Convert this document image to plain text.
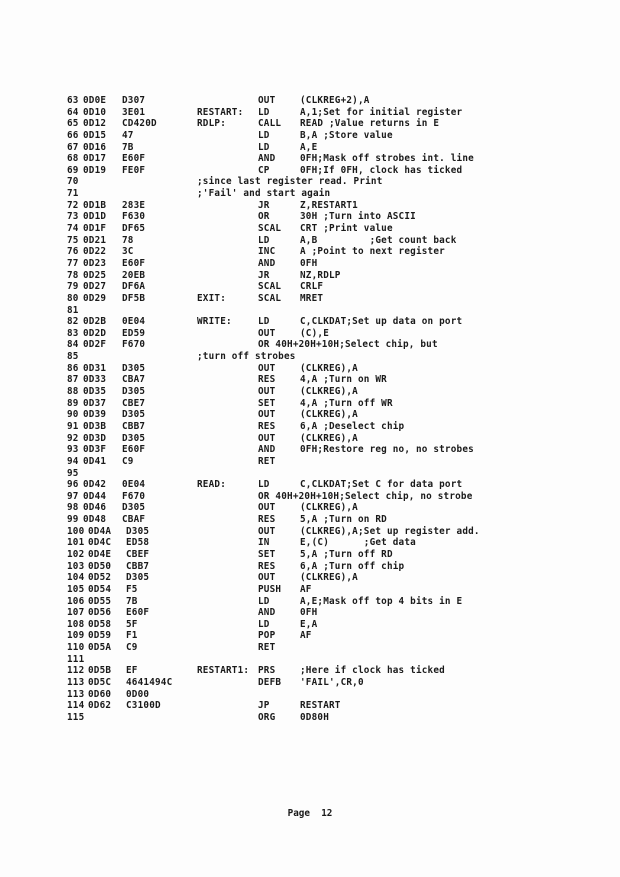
63 0D0E D307	OUT	(CLKREG+2),A
64 0D10 3E01	RESTART: LD	A,1;Set for initial register
65 0D12 CD420D	RDLP:	CALL READ ;Value returns in E
66 0D15 47	LD	B,A ;Store value
67 0D16 7B	LD	A,E
68 0D17 E60F	AND	0FH;Mask off strobes int. line
69 0D19 FE0F	CP	0FH;If 0FH, clock has ticked
70	;since last register read. Print
71	;'Fail' and start again
72 0D1B 283E	JR	Z,RESTART1
73 0D1D F630	OR	30H ;Turn into ASCII
74 0D1F DF65	SCAL CRT ;Print value
75 0D21 78	LD	A,B         ;Get count back
76 0D22 3C	INC	A ;Point to next register
77 0D23 E60F	AND	0FH
78 0D25 20EB	JR	NZ,RDLP
79 0D27 DF6A	SCAL CRLF
80 0D29 DF5B	EXIT:	SCAL MRET
81
82 0D2B 0E04	WRITE:	LD	C,CLKDAT;Set up data on port
83 0D2D ED59	OUT	(C),E
84 0D2F F670	OR 40H+20H+10H;Select chip, but
85	;turn off strobes
86 0D31 D305	OUT	(CLKREG),A
87 0D33 CBA7	RES	4,A ;Turn on WR
88 0D35 D305	OUT	(CLKREG),A
89 0D37 CBE7	SET	4,A ;Turn off WR
90 0D39 D305	OUT	(CLKREG),A
91 0D3B CBB7	RES	6,A ;Deselect chip
92 0D3D D305	OUT	(CLKREG),A
93 0D3F E60F	AND	0FH;Restore reg no, no strobes
94 0D41 C9	RET
95
96 0D42 0E04	READ:	LD	C,CLKDAT;Set C for data port
97 0D44 F670	OR 40H+20H+10H;Select chip, no strobe
98 0D46 D305	OUT	(CLKREG),A
99 0D48 CBAF	RES	5,A ;Turn on RD
100 0D4A D305	OUT	(CLKREG),A;Set up register add.
101 0D4C ED58	IN	E,(C)      ;Get data
102 0D4E CBEF	SET	5,A ;Turn off RD
103 0D50 CBB7	RES	6,A ;Turn off chip
104 0D52 D305	OUT	(CLKREG),A
105 0D54 F5	PUSH AF
106 0D55 7B	LD	A,E;Mask off top 4 bits in E
107 0D56 E60F	AND	0FH
108 0D58 5F	LD	E,A
109 0D59 F1	POP	AF
110 0D5A C9	RET
111
112 0D5B EF	RESTART1: PRS	;Here if clock has ticked
113 0D5C 4641494C	DEFB 'FAIL',CR,0
113 0D60 0D00
114 0D62 C3100D	JP	RESTART
115	ORG	0D80H
Page  12
